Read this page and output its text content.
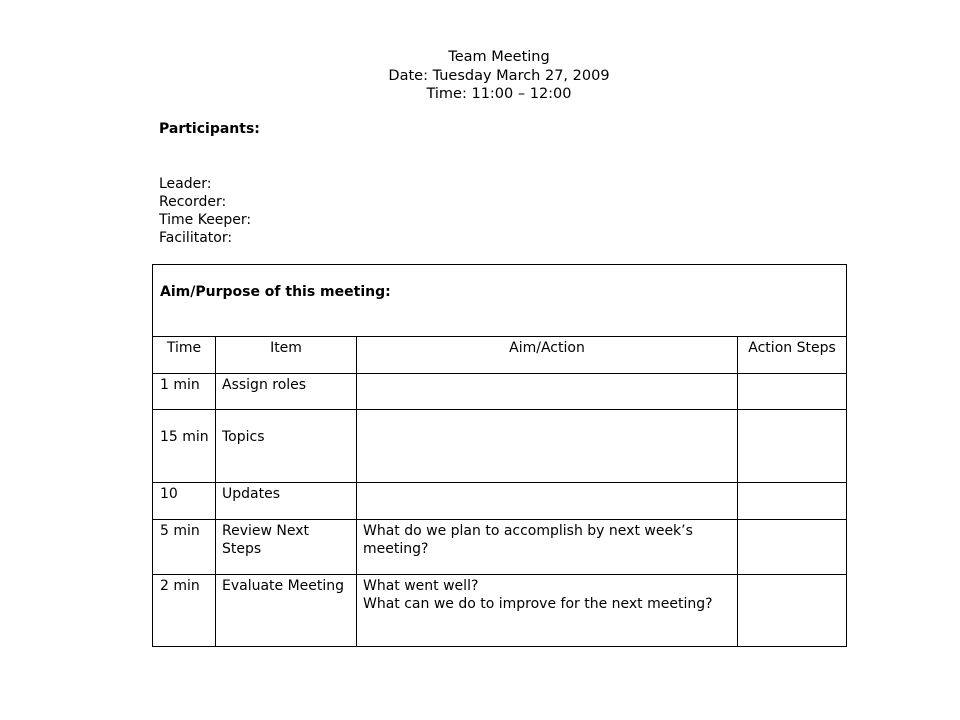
Team Meeting
Date: Tuesday March 27, 2009
Time: 11:00 – 12:00
Participants:
Leader:
Recorder:
Time Keeper:
Facilitator:
Aim/Purpose of this meeting:			
Time	Item	Aim/Action	Action Steps
1 min	Assign roles		
15 min	Topics		
10	Updates		
5 min	Review Next Steps	What do we plan to accomplish by next week’s meeting?	
2 min	Evaluate Meeting	What went well?
What can we do to improve for the next meeting?	
